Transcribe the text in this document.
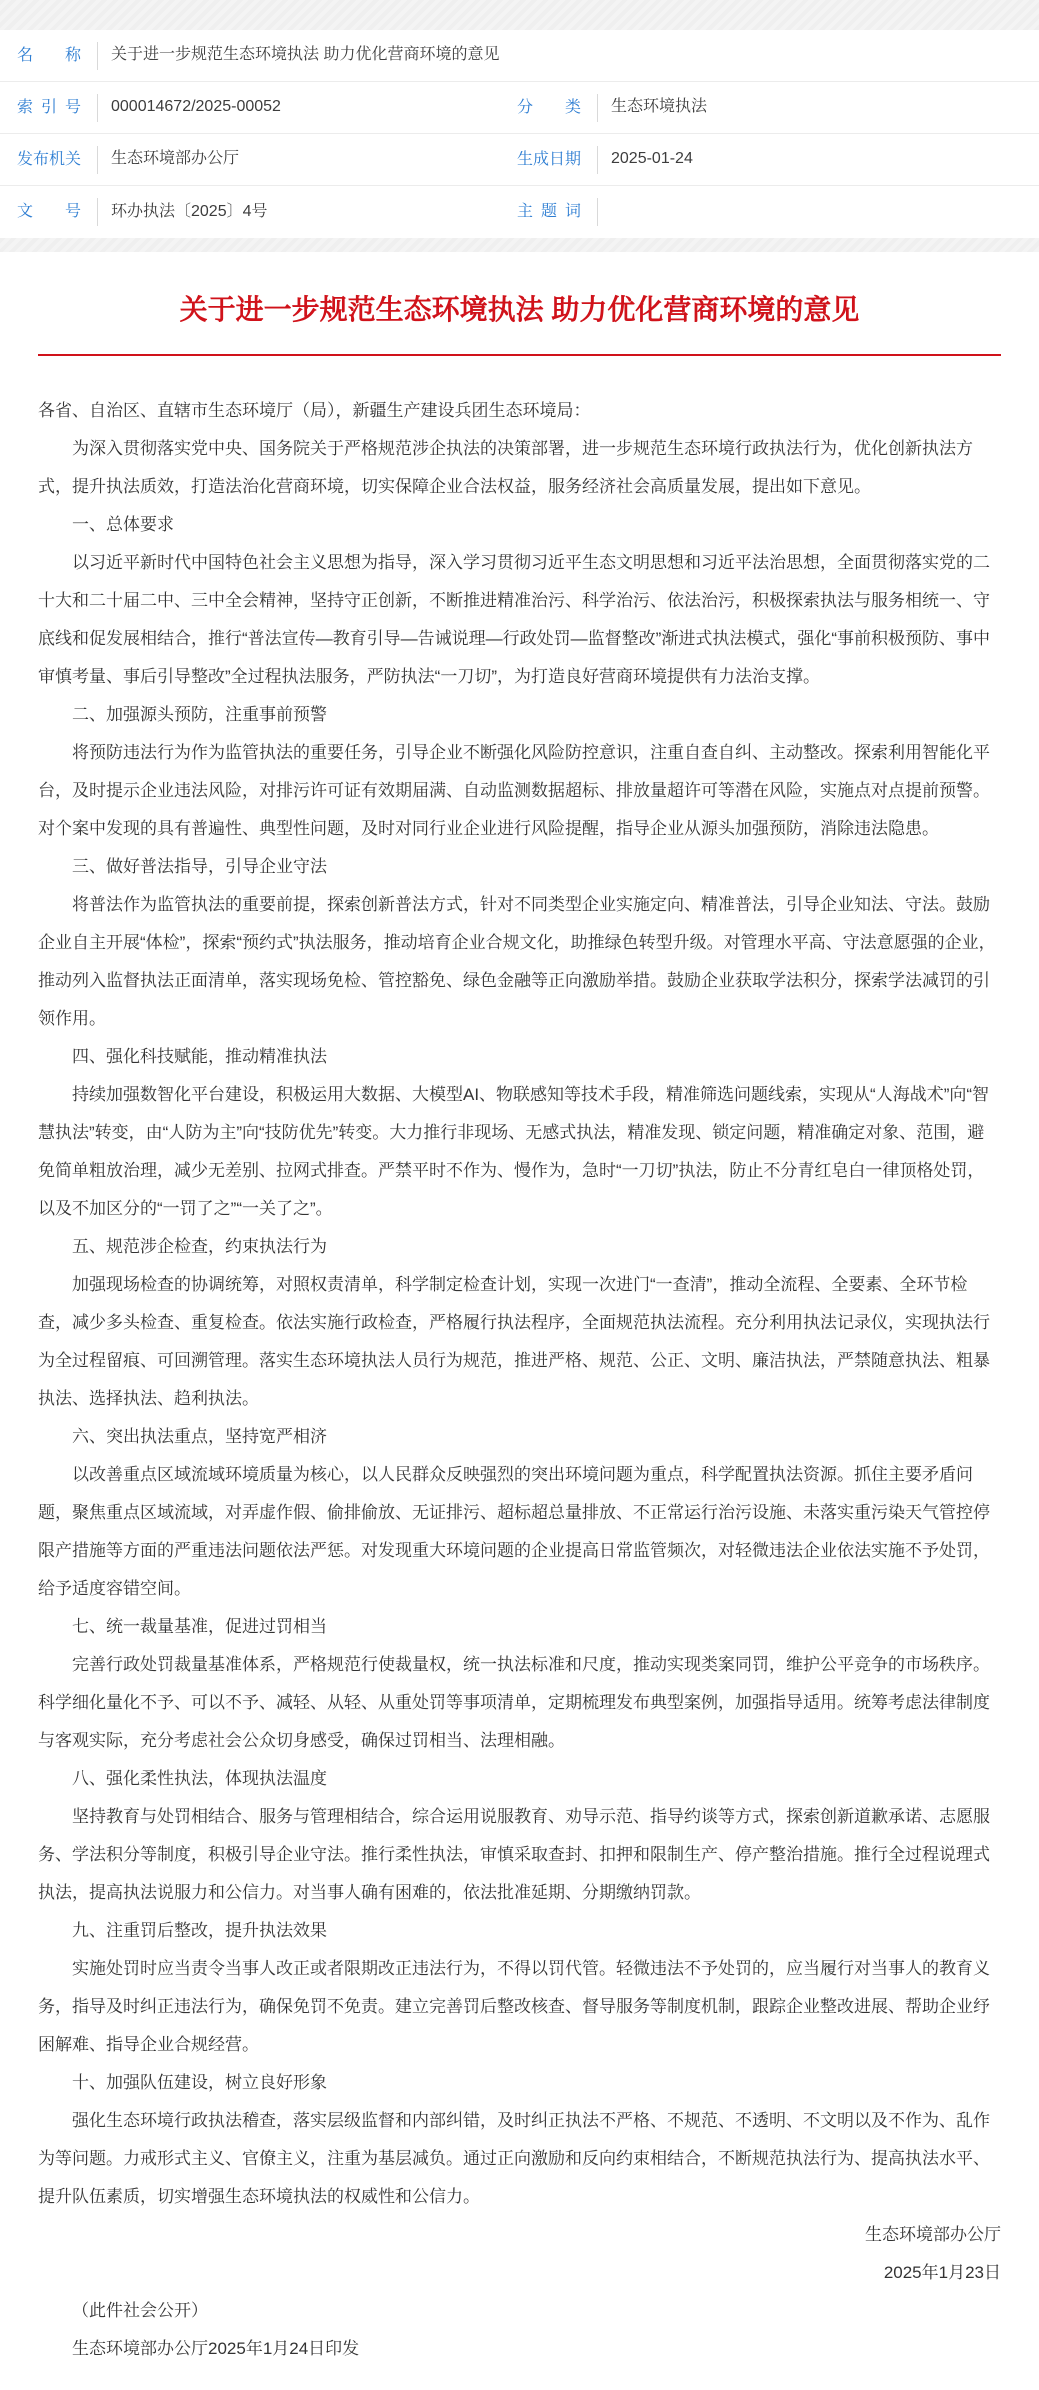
名称 关于进一步规范生态环境执法 助力优化营商环境的意见
索引号 000014672/2025-00052	分类 生态环境执法
发布机关 生态环境部办公厅	生成日期 2025-01-24
文号 环办执法〔2025〕4号	主题词
关于进一步规范生态环境执法 助力优化营商环境的意见

各省、自治区、直辖市生态环境厅（局），新疆生产建设兵团生态环境局：

为深入贯彻落实党中央、国务院关于严格规范涉企执法的决策部署，进一步规范生态环境行政执法行为，优化创新执法方式，提升执法质效，打造法治化营商环境，切实保障企业合法权益，服务经济社会高质量发展，提出如下意见。

一、总体要求

以习近平新时代中国特色社会主义思想为指导，深入学习贯彻习近平生态文明思想和习近平法治思想，全面贯彻落实党的二十大和二十届二中、三中全会精神，坚持守正创新，不断推进精准治污、科学治污、依法治污，积极探索执法与服务相统一、守底线和促发展相结合，推行“普法宣传—教育引导—告诫说理—行政处罚—监督整改”渐进式执法模式，强化“事前积极预防、事中审慎考量、事后引导整改”全过程执法服务，严防执法“一刀切”，为打造良好营商环境提供有力法治支撑。

二、加强源头预防，注重事前预警

将预防违法行为作为监管执法的重要任务，引导企业不断强化风险防控意识，注重自查自纠、主动整改。探索利用智能化平台，及时提示企业违法风险，对排污许可证有效期届满、自动监测数据超标、排放量超许可等潜在风险，实施点对点提前预警。对个案中发现的具有普遍性、典型性问题，及时对同行业企业进行风险提醒，指导企业从源头加强预防，消除违法隐患。

三、做好普法指导，引导企业守法

将普法作为监管执法的重要前提，探索创新普法方式，针对不同类型企业实施定向、精准普法，引导企业知法、守法。鼓励企业自主开展“体检”，探索“预约式”执法服务，推动培育企业合规文化，助推绿色转型升级。对管理水平高、守法意愿强的企业，推动列入监督执法正面清单，落实现场免检、管控豁免、绿色金融等正向激励举措。鼓励企业获取学法积分，探索学法减罚的引领作用。

四、强化科技赋能，推动精准执法

持续加强数智化平台建设，积极运用大数据、大模型AI、物联感知等技术手段，精准筛选问题线索，实现从“人海战术”向“智慧执法”转变，由“人防为主”向“技防优先”转变。大力推行非现场、无感式执法，精准发现、锁定问题，精准确定对象、范围，避免简单粗放治理，减少无差别、拉网式排查。严禁平时不作为、慢作为，急时“一刀切”执法，防止不分青红皂白一律顶格处罚，以及不加区分的“一罚了之”“一关了之”。

五、规范涉企检查，约束执法行为

加强现场检查的协调统筹，对照权责清单，科学制定检查计划，实现一次进门“一查清”，推动全流程、全要素、全环节检查，减少多头检查、重复检查。依法实施行政检查，严格履行执法程序，全面规范执法流程。充分利用执法记录仪，实现执法行为全过程留痕、可回溯管理。落实生态环境执法人员行为规范，推进严格、规范、公正、文明、廉洁执法，严禁随意执法、粗暴执法、选择执法、趋利执法。

六、突出执法重点，坚持宽严相济

以改善重点区域流域环境质量为核心，以人民群众反映强烈的突出环境问题为重点，科学配置执法资源。抓住主要矛盾问题，聚焦重点区域流域，对弄虚作假、偷排偷放、无证排污、超标超总量排放、不正常运行治污设施、未落实重污染天气管控停限产措施等方面的严重违法问题依法严惩。对发现重大环境问题的企业提高日常监管频次，对轻微违法企业依法实施不予处罚，给予适度容错空间。

七、统一裁量基准，促进过罚相当

完善行政处罚裁量基准体系，严格规范行使裁量权，统一执法标准和尺度，推动实现类案同罚，维护公平竞争的市场秩序。科学细化量化不予、可以不予、减轻、从轻、从重处罚等事项清单，定期梳理发布典型案例，加强指导适用。统筹考虑法律制度与客观实际，充分考虑社会公众切身感受，确保过罚相当、法理相融。

八、强化柔性执法，体现执法温度

坚持教育与处罚相结合、服务与管理相结合，综合运用说服教育、劝导示范、指导约谈等方式，探索创新道歉承诺、志愿服务、学法积分等制度，积极引导企业守法。推行柔性执法，审慎采取查封、扣押和限制生产、停产整治措施。推行全过程说理式执法，提高执法说服力和公信力。对当事人确有困难的，依法批准延期、分期缴纳罚款。

九、注重罚后整改，提升执法效果

实施处罚时应当责令当事人改正或者限期改正违法行为，不得以罚代管。轻微违法不予处罚的，应当履行对当事人的教育义务，指导及时纠正违法行为，确保免罚不免责。建立完善罚后整改核查、督导服务等制度机制，跟踪企业整改进展、帮助企业纾困解难、指导企业合规经营。

十、加强队伍建设，树立良好形象

强化生态环境行政执法稽查，落实层级监督和内部纠错，及时纠正执法不严格、不规范、不透明、不文明以及不作为、乱作为等问题。力戒形式主义、官僚主义，注重为基层减负。通过正向激励和反向约束相结合，不断规范执法行为、提高执法水平、提升队伍素质，切实增强生态环境执法的权威性和公信力。

生态环境部办公厅

2025年1月23日

（此件社会公开）

生态环境部办公厅2025年1月24日印发
